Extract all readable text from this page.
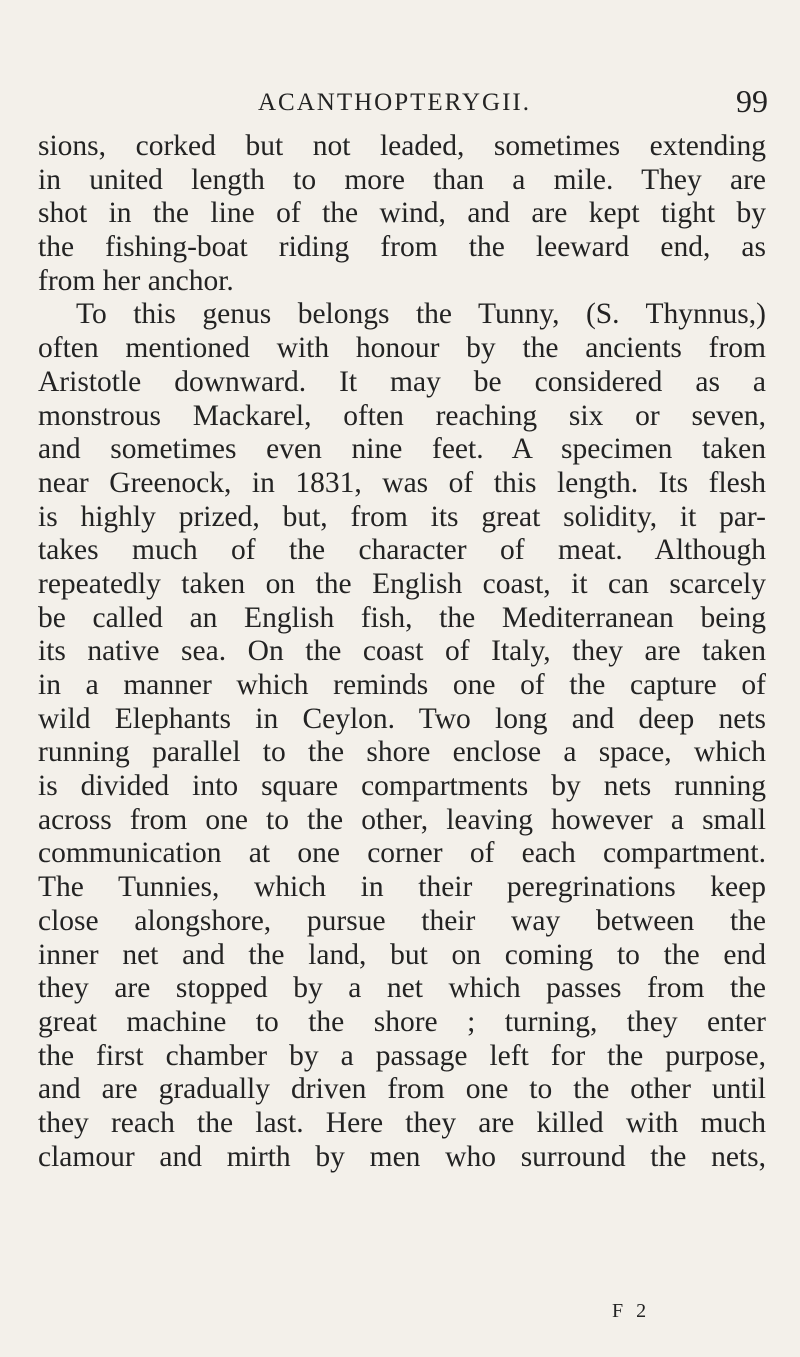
ACANTHOPTERYGII.	99
sions, corked but not leaded, sometimes extending
in united length to more than a mile. They are
shot in the line of the wind, and are kept tight by
the fishing-boat riding from the leeward end, as
from her anchor.
To this genus belongs the Tunny, (S. Thynnus,)
often mentioned with honour by the ancients from
Aristotle downward. It may be considered as a
monstrous Mackarel, often reaching six or seven,
and sometimes even nine feet. A specimen taken
near Greenock, in 1831, was of this length. Its flesh
is highly prized, but, from its great solidity, it par-
takes much of the character of meat. Although
repeatedly taken on the English coast, it can scarcely
be called an English fish, the Mediterranean being
its native sea. On the coast of Italy, they are taken
in a manner which reminds one of the capture of
wild Elephants in Ceylon. Two long and deep nets
running parallel to the shore enclose a space, which
is divided into square compartments by nets running
across from one to the other, leaving however a small
communication at one corner of each compartment.
The Tunnies, which in their peregrinations keep
close alongshore, pursue their way between the
inner net and the land, but on coming to the end
they are stopped by a net which passes from the
great machine to the shore ; turning, they enter
the first chamber by a passage left for the purpose,
and are gradually driven from one to the other until
they reach the last. Here they are killed with much
clamour and mirth by men who surround the nets,
F 2
